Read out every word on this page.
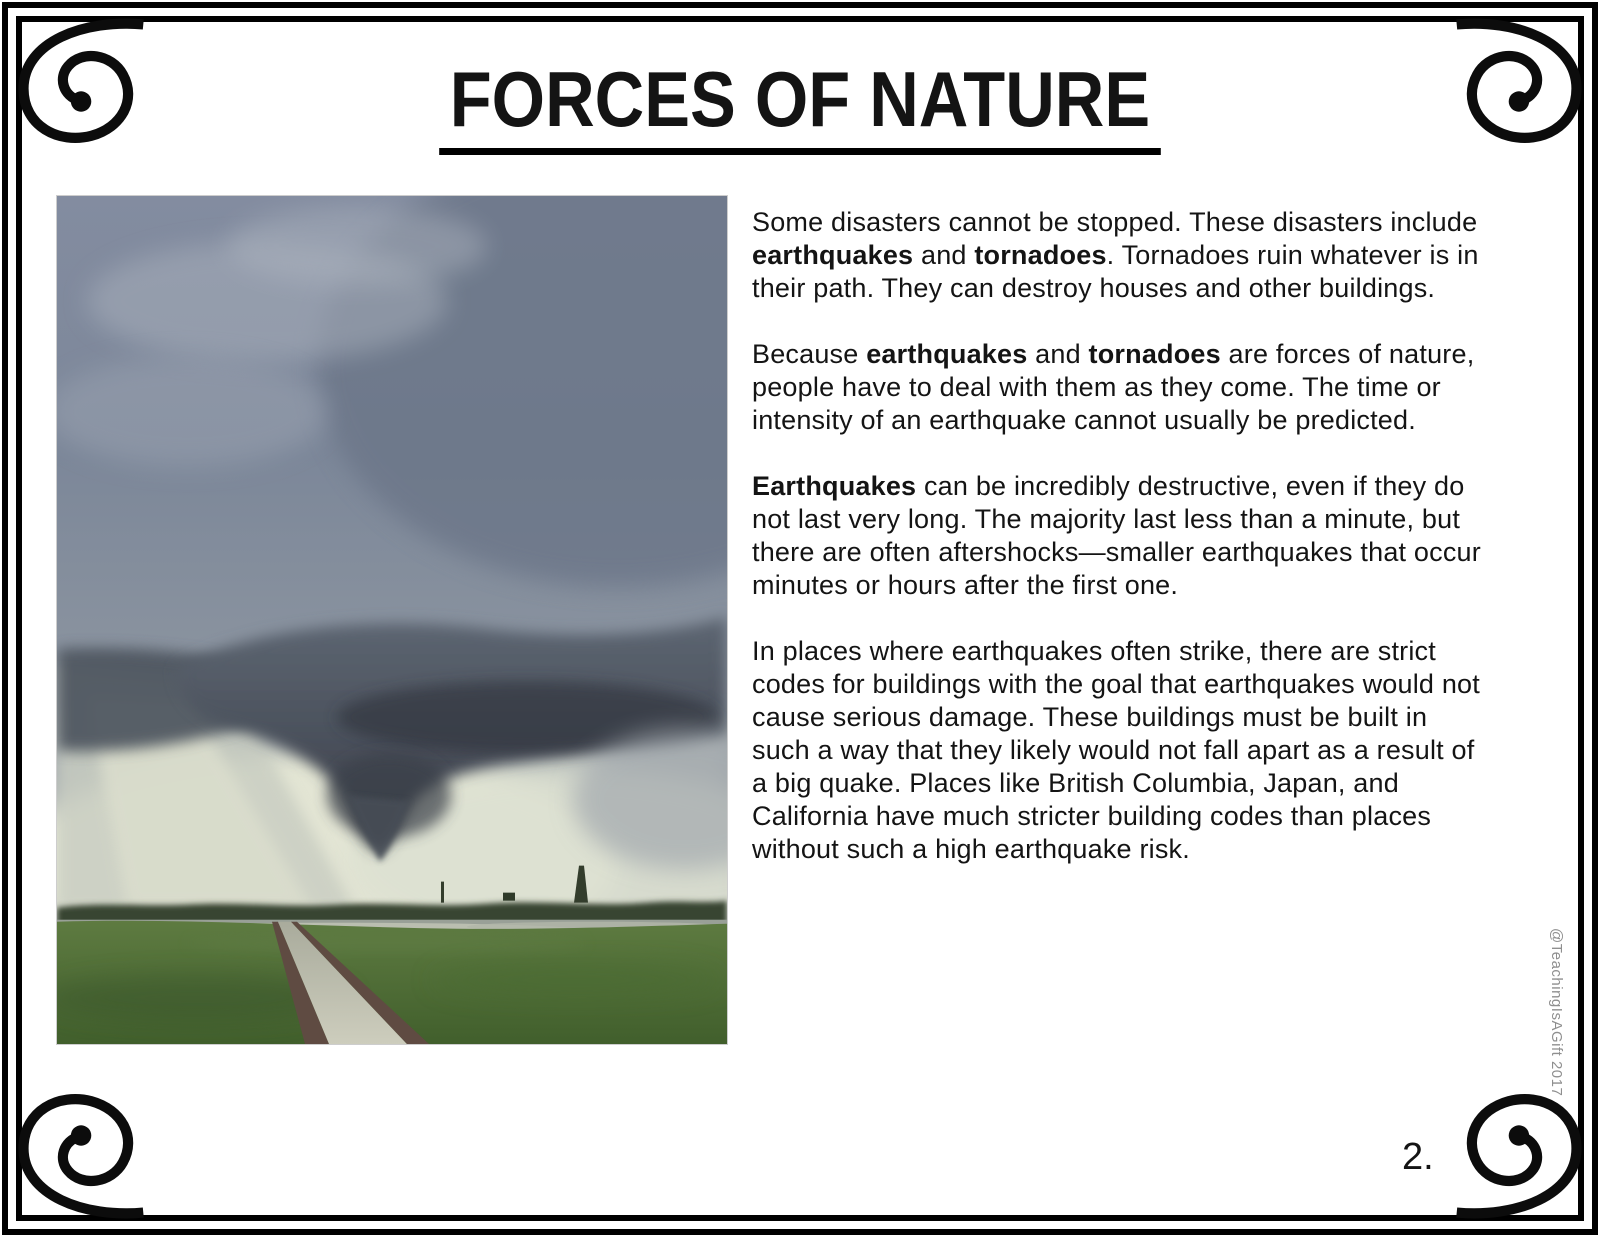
FORCES OF NATURE

Some disasters cannot be stopped. These disasters include earthquakes and tornadoes. Tornadoes ruin whatever is in their path. They can destroy houses and other buildings.

Because earthquakes and tornadoes are forces of nature, people have to deal with them as they come. The time or intensity of an earthquake cannot usually be predicted.

Earthquakes can be incredibly destructive, even if they do not last very long. The majority last less than a minute, but there are often aftershocks—smaller earthquakes that occur minutes or hours after the first one.

In places where earthquakes often strike, there are strict codes for buildings with the goal that earthquakes would not cause serious damage. These buildings must be built in such a way that they likely would not fall apart as a result of a big quake. Places like British Columbia, Japan, and California have much stricter building codes than places without such a high earthquake risk.

@TeachingIsAGift 2017
2.
